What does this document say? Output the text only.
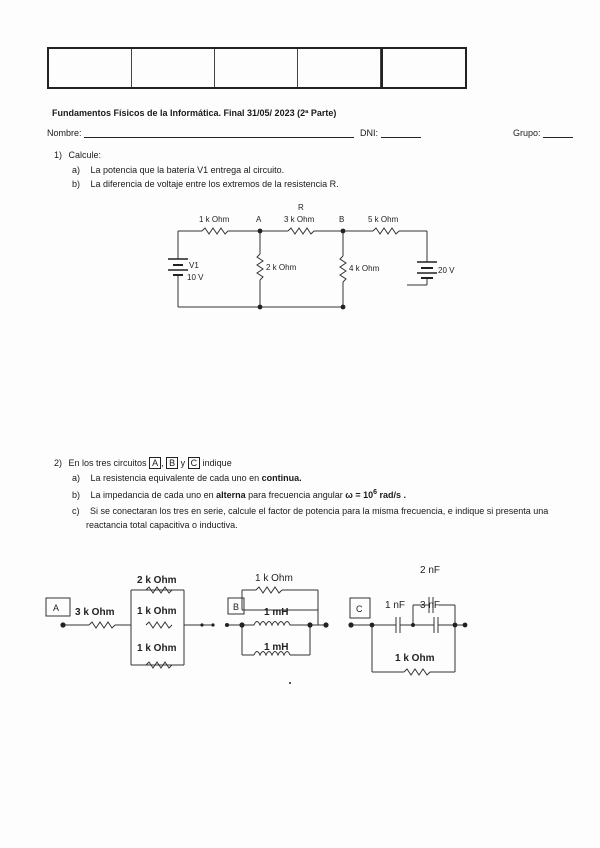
Fundamentos Físicos de la Informática. Final 31/05/ 2023 (2ª Parte)
Nombre:	DNI:	Grupo:
1) Calcule:
a) La potencia que la batería V1 entrega al circuito.
b) La diferencia de voltaje entre los extremos de la resistencia R.
1 k Ohm	A
R
3 k Ohm	B	5 k Ohm
2 k Ohm	4 k Ohm
V1
10 V
20 V
2) En los tres circuitos A , B y C indique
a) La resistencia equivalente de cada uno en continua.
b) La impedancia de cada uno en alterna para frecuencia angular $\omega = 10^6$ rad/s .
c) Si se conectaran los tres en serie, calcule el factor de potencia para la misma frecuencia, e indique si presenta una
reactancia total capacitiva o inductiva.
A 3 k Ohm
2 k Ohm
1 k Ohm
1 k Ohm
B
1 k Ohm
1 mH
1 mH
C
2 nF
1 nF 3 nF
1 k Ohm
